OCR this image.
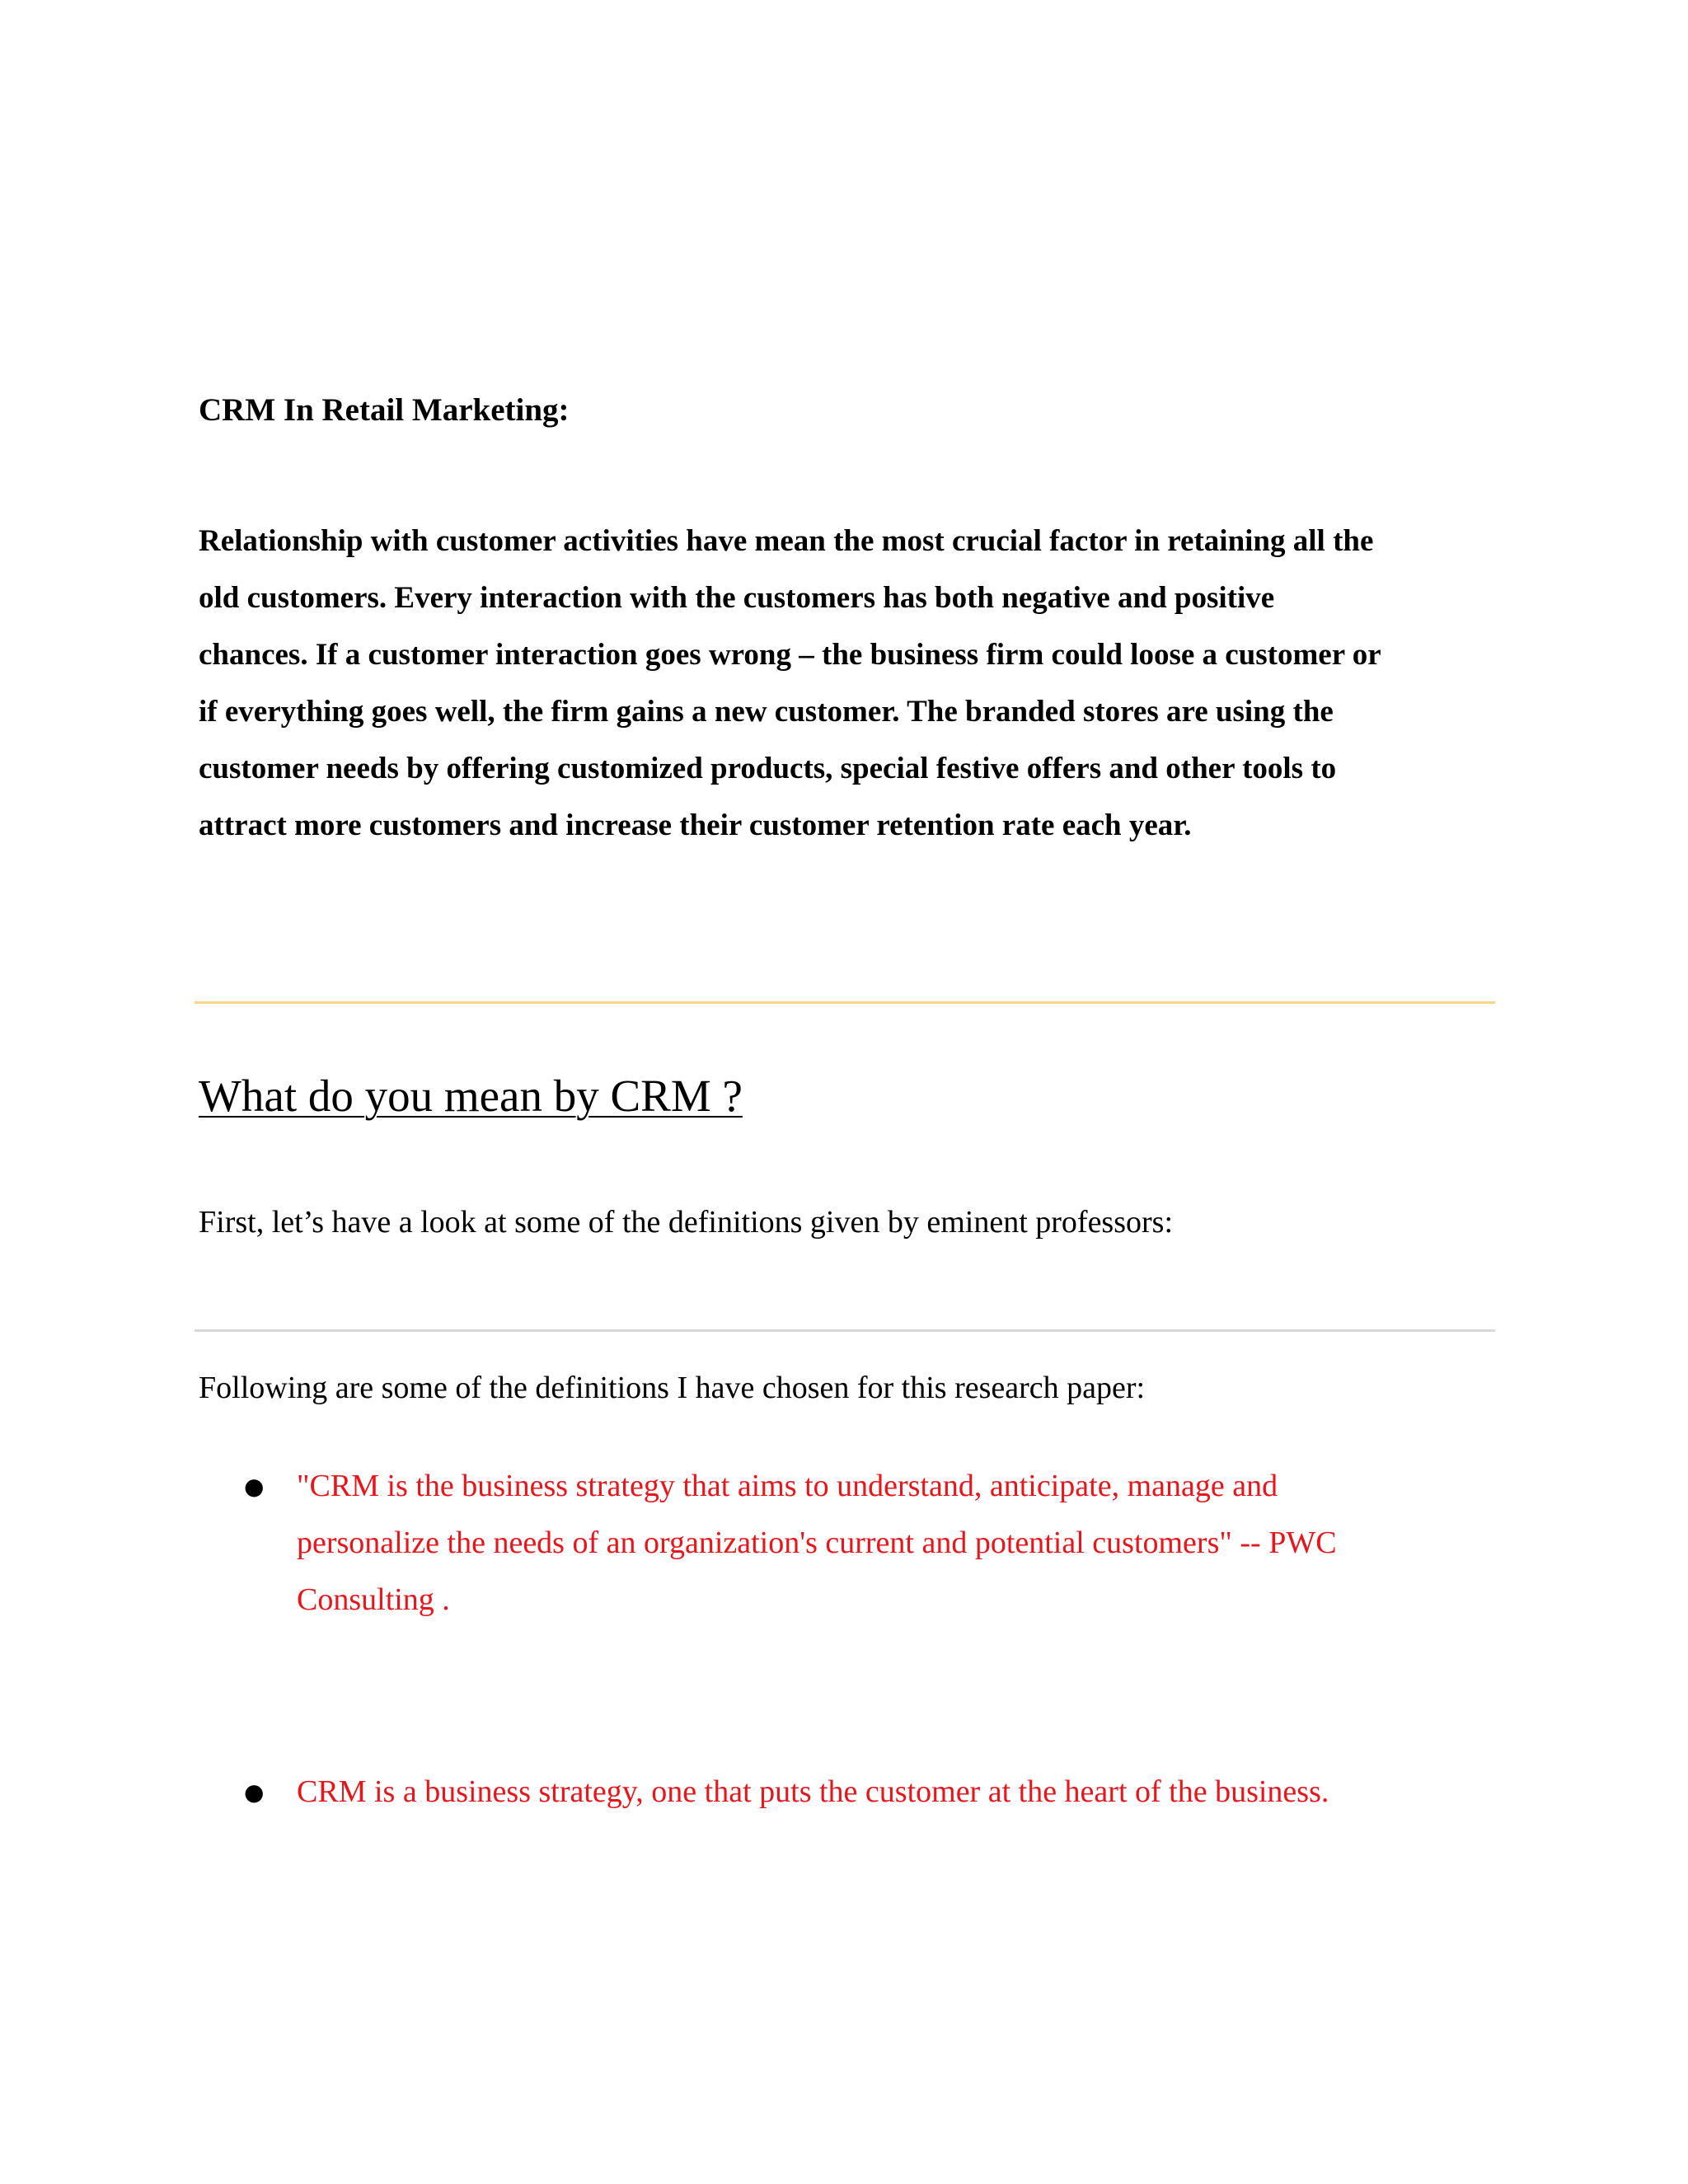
CRM In Retail Marketing:
Relationship with customer activities have mean the most crucial factor in retaining all the
old customers. Every interaction with the customers has both negative and positive
chances. If a customer interaction goes wrong – the business firm could loose a customer or
if everything goes well, the firm gains a new customer. The branded stores are using the
customer needs by offering customized products, special festive offers and other tools to
attract more customers and increase their customer retention rate each year.
What do you mean by CRM ?
First, let’s have a look at some of the definitions given by eminent professors:
Following are some of the definitions I have chosen for this research paper:
● "CRM is the business strategy that aims to understand, anticipate, manage and
personalize the needs of an organization's current and potential customers" -- PWC
Consulting .
● CRM is a business strategy, one that puts the customer at the heart of the business.
